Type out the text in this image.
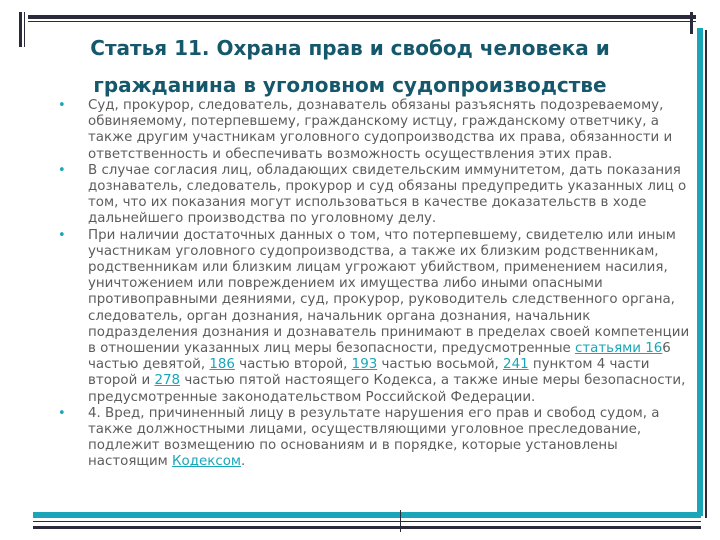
Статья 11. Охрана прав и свобод человека и
гражданина в уголовном судопроизводстве
• Суд, прокурор, следователь, дознаватель обязаны разъяснять подозреваемому, обвиняемому, потерпевшему, гражданскому истцу, гражданскому ответчику, а также другим участникам уголовного судопроизводства их права, обязанности и ответственность и обеспечивать возможность осуществления этих прав.
• В случае согласия лиц, обладающих свидетельским иммунитетом, дать показания дознаватель, следователь, прокурор и суд обязаны предупредить указанных лиц о том, что их показания могут использоваться в качестве доказательств в ходе дальнейшего производства по уголовному делу.
• При наличии достаточных данных о том, что потерпевшему, свидетелю или иным участникам уголовного судопроизводства, а также их близким родственникам, родственникам или близким лицам угрожают убийством, применением насилия, уничтожением или повреждением их имущества либо иными опасными противоправными деяниями, суд, прокурор, руководитель следственного органа, следователь, орган дознания, начальник органа дознания, начальник подразделения дознания и дознаватель принимают в пределах своей компетенции в отношении указанных лиц меры безопасности, предусмотренные статьями 166 частью девятой, 186 частью второй, 193 частью восьмой, 241 пунктом 4 части второй и 278 частью пятой настоящего Кодекса, а также иные меры безопасности, предусмотренные законодательством Российской Федерации.
• 4. Вред, причиненный лицу в результате нарушения его прав и свобод судом, а также должностными лицами, осуществляющими уголовное преследование, подлежит возмещению по основаниям и в порядке, которые установлены настоящим Кодексом.
